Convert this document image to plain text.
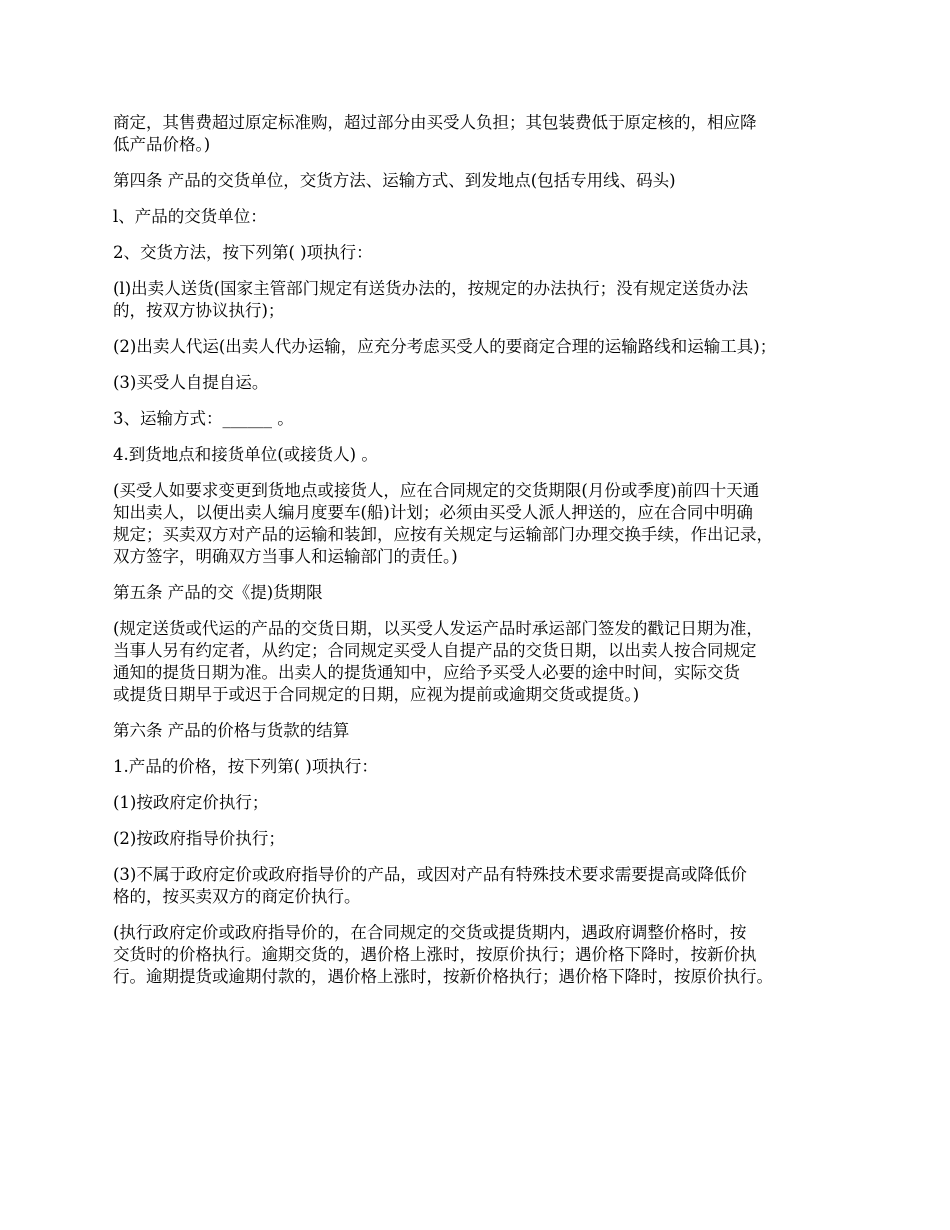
商定，其售费超过原定标准购，超过部分由买受人负担；其包装费低于原定核的，相应降
低产品价格。)

第四条 产品的交货单位，交货方法、运输方式、到发地点(包括专用线、码头)

l、产品的交货单位：

2、交货方法，按下列第( )项执行：

(l)出卖人送货(国家主管部门规定有送货办法的，按规定的办法执行；没有规定送货办法
的，按双方协议执行)；

(2)出卖人代运(出卖人代办运输，应充分考虑买受人的要商定合理的运输路线和运输工具)；

(3)买受人自提自运。

3、运输方式：______ 。

4.到货地点和接货单位(或接货人) 。

(买受人如要求变更到货地点或接货人，应在合同规定的交货期限(月份或季度)前四十天通
知出卖人，以便出卖人编月度要车(船)计划；必须由买受人派人押送的，应在合同中明确
规定；买卖双方对产品的运输和装卸，应按有关规定与运输部门办理交换手续，作出记录，
双方签字，明确双方当事人和运输部门的责任。)

第五条 产品的交《提)货期限

(规定送货或代运的产品的交货日期，以买受人发运产品时承运部门签发的戳记日期为准，
当事人另有约定者，从约定；合同规定买受人自提产品的交货日期，以出卖人按合同规定
通知的提货日期为准。出卖人的提货通知中，应给予买受人必要的途中时间，实际交货
或提货日期早于或迟于合同规定的日期，应视为提前或逾期交货或提货。)

第六条 产品的价格与货款的结算

1.产品的价格，按下列第( )项执行：

(1)按政府定价执行；

(2)按政府指导价执行；

(3)不属于政府定价或政府指导价的产品，或因对产品有特殊技术要求需要提高或降低价
格的，按买卖双方的商定价执行。

(执行政府定价或政府指导价的，在合同规定的交货或提货期内，遇政府调整价格时，按
交货时的价格执行。逾期交货的，遇价格上涨时，按原价执行；遇价格下降时，按新价执
行。逾期提货或逾期付款的，遇价格上涨时，按新价格执行；遇价格下降时，按原价执行。
